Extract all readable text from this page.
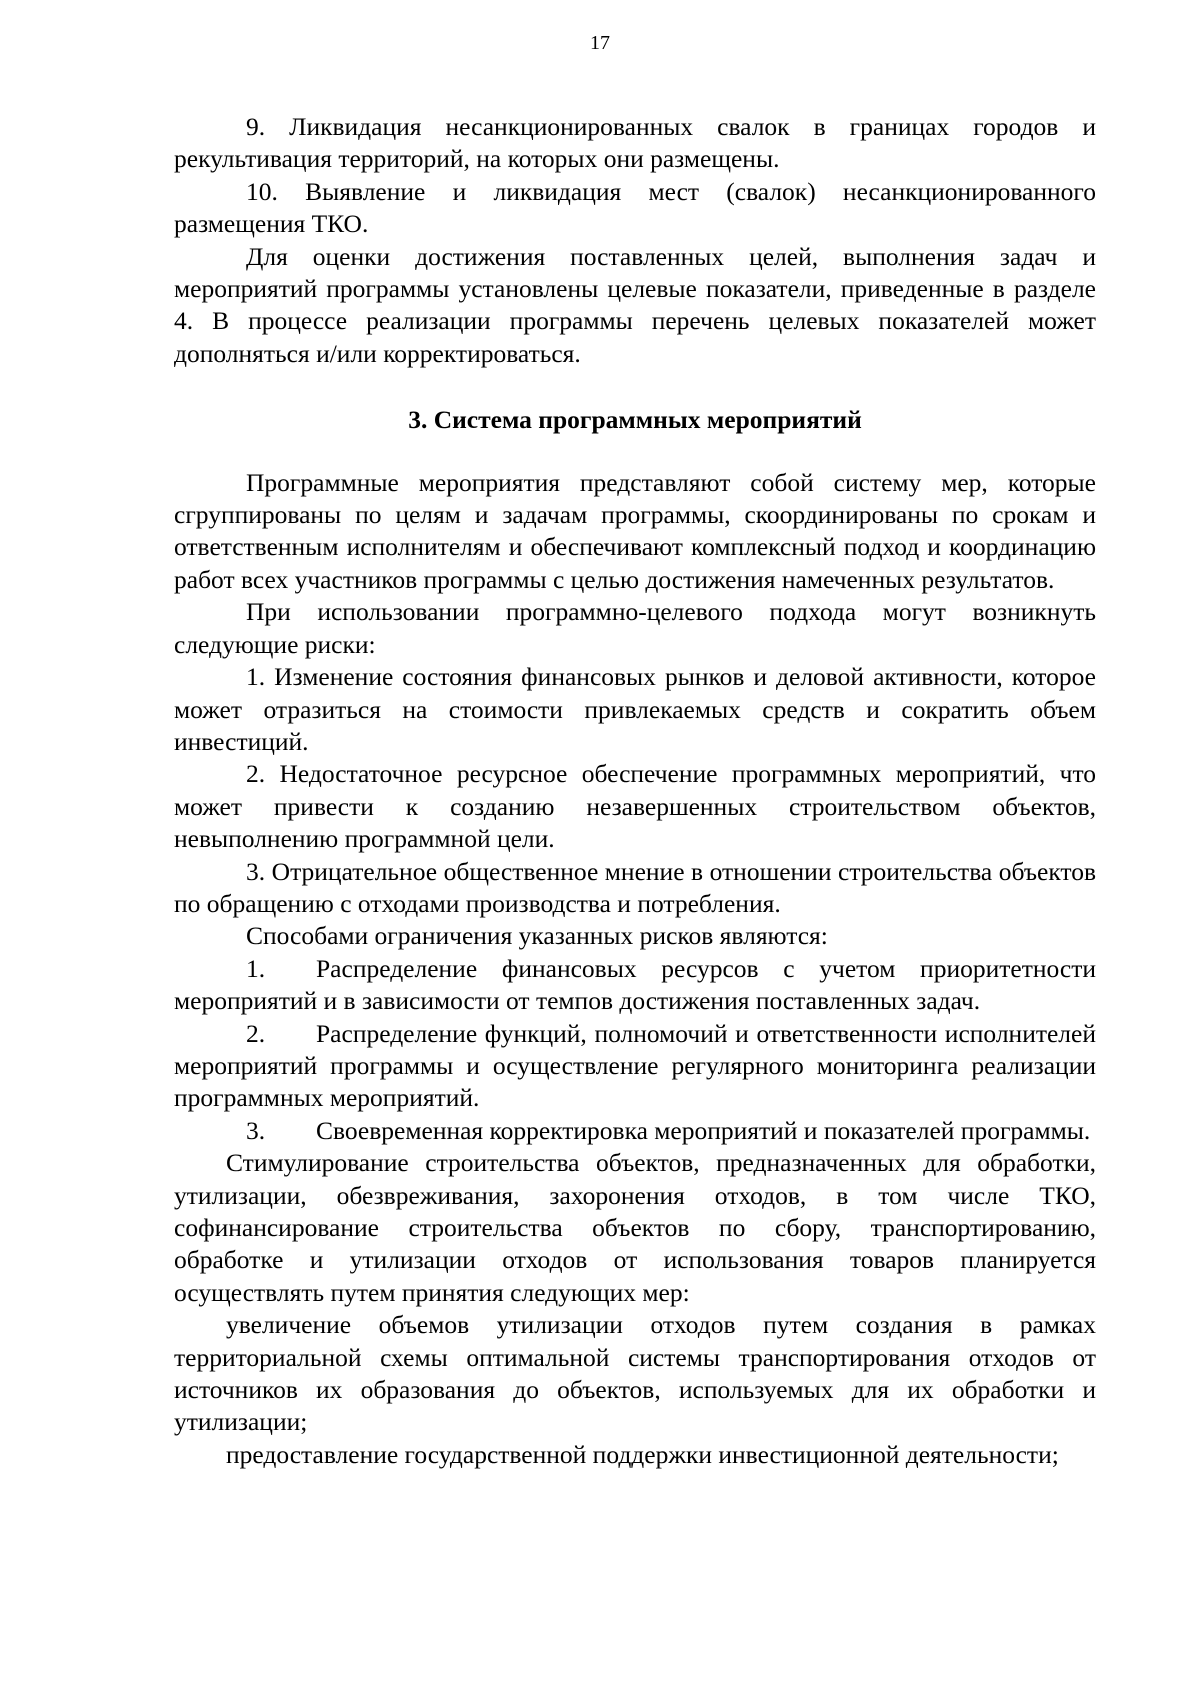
17

9. Ликвидация несанкционированных свалок в границах городов и рекультивация территорий, на которых они размещены.

10. Выявление и ликвидация мест (свалок) несанкционированного размещения ТКО.

Для оценки достижения поставленных целей, выполнения задач и мероприятий программы установлены целевые показатели, приведенные в разделе 4. В процессе реализации программы перечень целевых показателей может дополняться и/или корректироваться.

3. Система программных мероприятий

Программные мероприятия представляют собой систему мер, которые сгруппированы по целям и задачам программы, скоординированы по срокам и ответственным исполнителям и обеспечивают комплексный подход и координацию работ всех участников программы с целью достижения намеченных результатов.

При использовании программно-целевого подхода могут возникнуть следующие риски:

1. Изменение состояния финансовых рынков и деловой активности, которое может отразиться на стоимости привлекаемых средств и сократить объем инвестиций.

2. Недостаточное ресурсное обеспечение программных мероприятий, что может привести к созданию незавершенных строительством объектов, невыполнению программной цели.

3. Отрицательное общественное мнение в отношении строительства объектов по обращению с отходами производства и потребления.

Способами ограничения указанных рисков являются:

1. Распределение финансовых ресурсов с учетом приоритетности мероприятий и в зависимости от темпов достижения поставленных задач.

2. Распределение функций, полномочий и ответственности исполнителей мероприятий программы и осуществление регулярного мониторинга реализации программных мероприятий.

3. Своевременная корректировка мероприятий и показателей программы.

Стимулирование строительства объектов, предназначенных для обработки, утилизации, обезвреживания, захоронения отходов, в том числе ТКО, софинансирование строительства объектов по сбору, транспортированию, обработке и утилизации отходов от использования товаров планируется осуществлять путем принятия следующих мер:

увеличение объемов утилизации отходов путем создания в рамках территориальной схемы оптимальной системы транспортирования отходов от источников их образования до объектов, используемых для их обработки и утилизации;

предоставление государственной поддержки инвестиционной деятельности;
